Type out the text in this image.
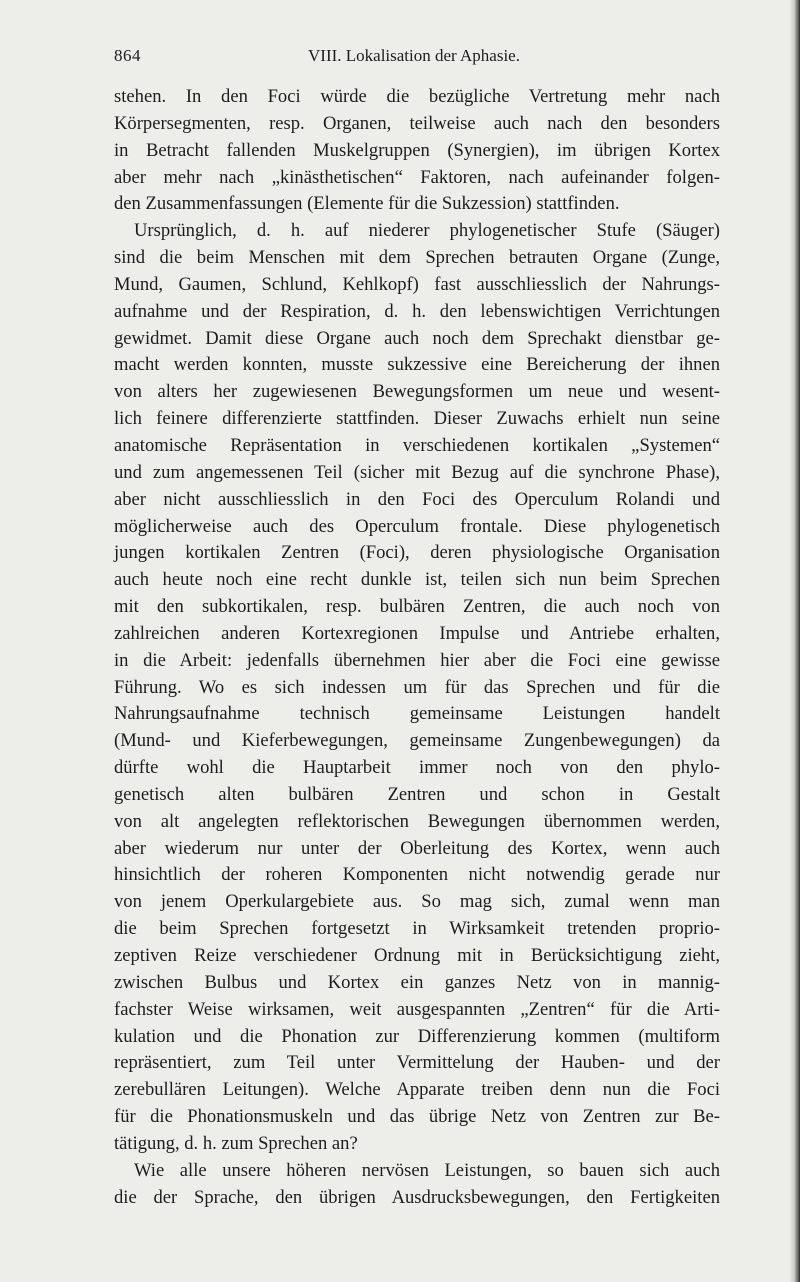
864	VIII. Lokalisation der Aphasie.
stehen. In den Foci würde die bezügliche Vertretung mehr nach
Körpersegmenten, resp. Organen, teilweise auch nach den besonders
in Betracht fallenden Muskelgruppen (Synergien), im übrigen Kortex
aber mehr nach „kinästhetischen“ Faktoren, nach aufeinander folgen-
den Zusammenfassungen (Elemente für die Sukzession) stattfinden.
Ursprünglich, d. h. auf niederer phylogenetischer Stufe (Säuger)
sind die beim Menschen mit dem Sprechen betrauten Organe (Zunge,
Mund, Gaumen, Schlund, Kehlkopf) fast ausschliesslich der Nahrungs-
aufnahme und der Respiration, d. h. den lebenswichtigen Verrichtungen
gewidmet. Damit diese Organe auch noch dem Sprechakt dienstbar ge-
macht werden konnten, musste sukzessive eine Bereicherung der ihnen
von alters her zugewiesenen Bewegungsformen um neue und wesent-
lich feinere differenzierte stattfinden. Dieser Zuwachs erhielt nun seine
anatomische Repräsentation in verschiedenen kortikalen „Systemen“
und zum angemessenen Teil (sicher mit Bezug auf die synchrone Phase),
aber nicht ausschliesslich in den Foci des Operculum Rolandi und
möglicherweise auch des Operculum frontale. Diese phylogenetisch
jungen kortikalen Zentren (Foci), deren physiologische Organisation
auch heute noch eine recht dunkle ist, teilen sich nun beim Sprechen
mit den subkortikalen, resp. bulbären Zentren, die auch noch von
zahlreichen anderen Kortexregionen Impulse und Antriebe erhalten,
in die Arbeit: jedenfalls übernehmen hier aber die Foci eine gewisse
Führung. Wo es sich indessen um für das Sprechen und für die
Nahrungsaufnahme technisch gemeinsame Leistungen handelt
(Mund- und Kieferbewegungen, gemeinsame Zungenbewegungen) da
dürfte wohl die Hauptarbeit immer noch von den phylo-
genetisch alten bulbären Zentren und schon in Gestalt
von alt angelegten reflektorischen Bewegungen übernommen werden,
aber wiederum nur unter der Oberleitung des Kortex, wenn auch
hinsichtlich der roheren Komponenten nicht notwendig gerade nur
von jenem Operkulargebiete aus. So mag sich, zumal wenn man
die beim Sprechen fortgesetzt in Wirksamkeit tretenden proprio-
zeptiven Reize verschiedener Ordnung mit in Berücksichtigung zieht,
zwischen Bulbus und Kortex ein ganzes Netz von in mannig-
fachster Weise wirksamen, weit ausgespannten „Zentren“ für die Arti-
kulation und die Phonation zur Differenzierung kommen (multiform
repräsentiert, zum Teil unter Vermittelung der Hauben- und der
zerebullären Leitungen). Welche Apparate treiben denn nun die Foci
für die Phonationsmuskeln und das übrige Netz von Zentren zur Be-
tätigung, d. h. zum Sprechen an?
Wie alle unsere höheren nervösen Leistungen, so bauen sich auch
die der Sprache, den übrigen Ausdrucksbewegungen, den Fertigkeiten
